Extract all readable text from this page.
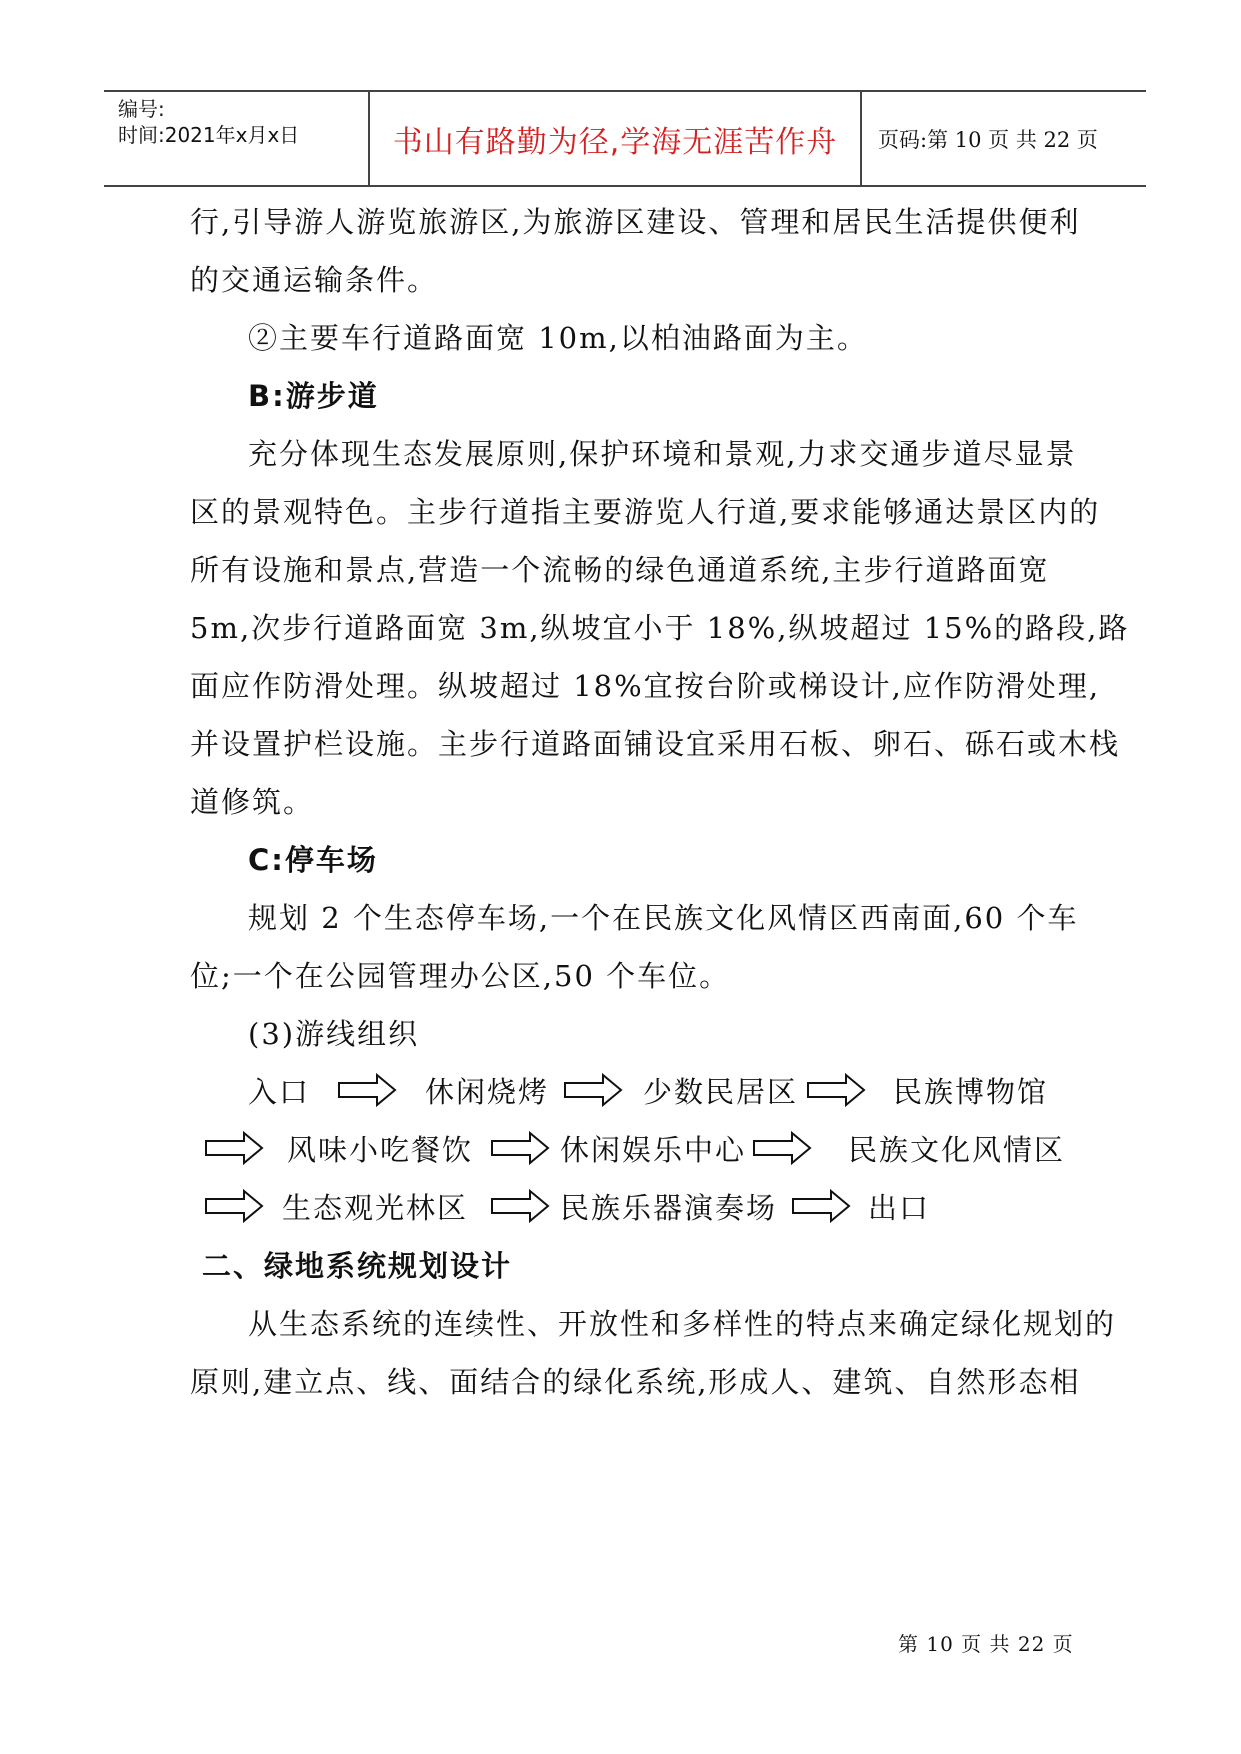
编号:
时间:2021年x月x日	书山有路勤为径,学海无涯苦作舟	页码:第 10 页 共 22 页
行,引导游人游览旅游区,为旅游区建设、管理和居民生活提供便利
的交通运输条件。
②主要车行道路面宽 10m,以柏油路面为主。
B:游步道
充分体现生态发展原则,保护环境和景观,力求交通步道尽显景
区的景观特色。主步行道指主要游览人行道,要求能够通达景区内的
所有设施和景点,营造一个流畅的绿色通道系统,主步行道路面宽
5m,次步行道路面宽 3m,纵坡宜小于 18%,纵坡超过 15%的路段,路
面应作防滑处理。纵坡超过 18%宜按台阶或梯设计,应作防滑处理,
并设置护栏设施。主步行道路面铺设宜采用石板、卵石、砾石或木栈
道修筑。
C:停车场
规划 2 个生态停车场,一个在民族文化风情区西南面,60 个车
位;一个在公园管理办公区,50 个车位。
(3)游线组织
入口	休闲烧烤	少数民居区	民族博物馆
风味小吃餐饮	休闲娱乐中心	民族文化风情区
生态观光林区	民族乐器演奏场	出口
二、绿地系统规划设计
从生态系统的连续性、开放性和多样性的特点来确定绿化规划的
原则,建立点、线、面结合的绿化系统,形成人、建筑、自然形态相
第 10 页 共 22 页
